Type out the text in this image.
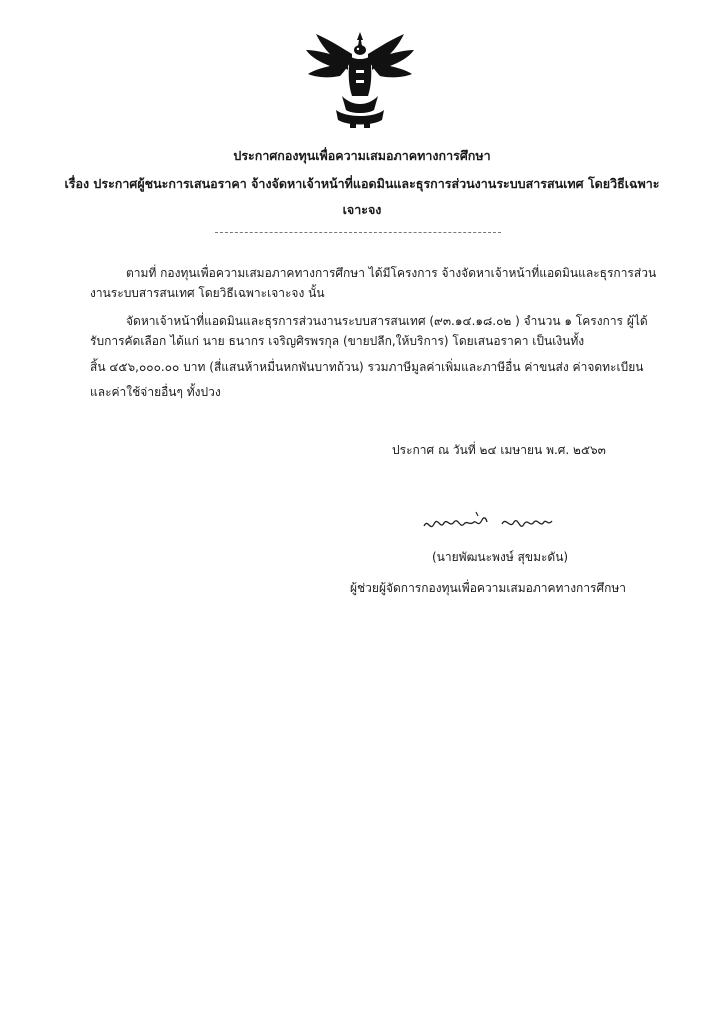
ประกาศกองทุนเพื่อความเสมอภาคทางการศึกษา
เรื่อง ประกาศผู้ชนะการเสนอราคา จ้างจัดหาเจ้าหน้าที่แอดมินและธุรการส่วนงานระบบสารสนเทศ โดยวิธีเฉพาะ
เจาะจง
ตามที่ กองทุนเพื่อความเสมอภาคทางการศึกษา ได้มีโครงการ จ้างจัดหาเจ้าหน้าที่แอดมินและธุรการส่วน
งานระบบสารสนเทศ โดยวิธีเฉพาะเจาะจง นั้น
จัดหาเจ้าหน้าที่แอดมินและธุรการส่วนงานระบบสารสนเทศ (๙๓.๑๔.๑๘.๐๒ ) จำนวน ๑ โครงการ ผู้ได้
รับการคัดเลือก ได้แก่ นาย ธนากร เจริญศิรพรกุล (ขายปลีก,ให้บริการ) โดยเสนอราคา เป็นเงินทั้ง
สิ้น ๔๕๖,๐๐๐.๐๐ บาท (สี่แสนห้าหมื่นหกพันบาทถ้วน) รวมภาษีมูลค่าเพิ่มและภาษีอื่น ค่าขนส่ง ค่าจดทะเบียน
และค่าใช้จ่ายอื่นๆ ทั้งปวง
ประกาศ ณ วันที่ ๒๔ เมษายน พ.ศ. ๒๕๖๓
(นายพัฒนะพงษ์ สุขมะดัน)
ผู้ช่วยผู้จัดการกองทุนเพื่อความเสมอภาคทางการศึกษา
